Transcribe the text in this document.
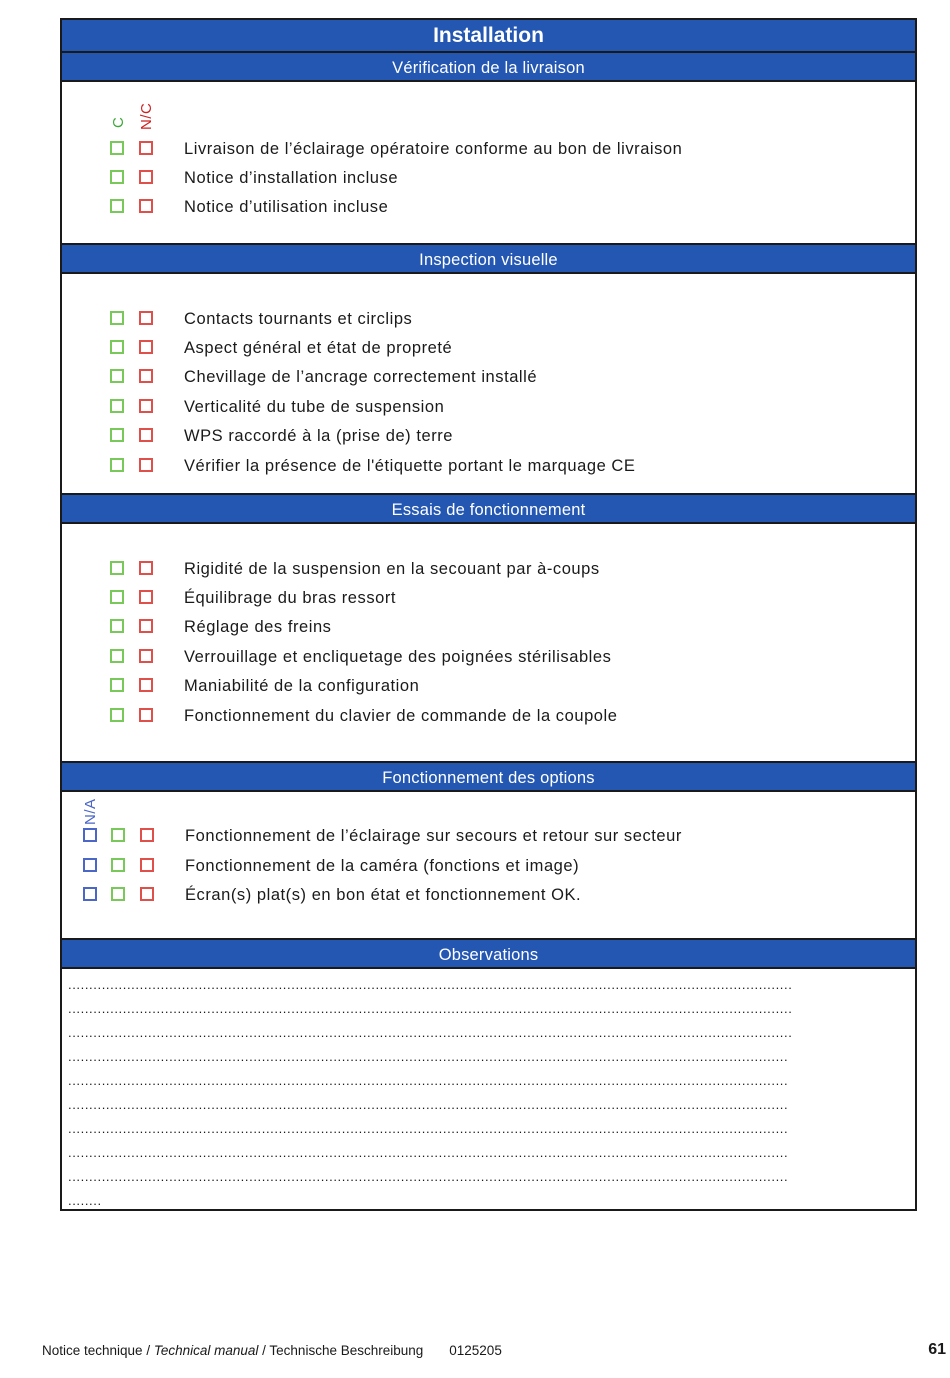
Installation
Vérification de la livraison
C N/C
Livraison de l’éclairage opératoire conforme au bon de livraison
Notice d’installation incluse
Notice d’utilisation incluse
Inspection visuelle
Contacts tournants et circlips
Aspect général et état de propreté
Chevillage de l’ancrage correctement installé
Verticalité du tube de suspension
WPS raccordé à la (prise de) terre
Vérifier la présence de l'étiquette portant le marquage CE
Essais de fonctionnement
Rigidité de la suspension en la secouant par à-coups
Équilibrage du bras ressort
Réglage des freins
Verrouillage et encliquetage des poignées stérilisables
Maniabilité de la configuration
Fonctionnement du clavier de commande de la coupole
Fonctionnement des options
N/A
Fonctionnement de l’éclairage sur secours et retour sur secteur
Fonctionnement de la caméra (fonctions et image)
Écran(s) plat(s) en bon état et fonctionnement OK.
Observations
............................................................................................................................................................................
............................................................................................................................................................................
............................................................................................................................................................................
...........................................................................................................................................................................
...........................................................................................................................................................................
...........................................................................................................................................................................
...........................................................................................................................................................................
...........................................................................................................................................................................
...........................................................................................................................................................................
........
Notice technique / Technical manual / Technische Beschreibung 0125205	61
